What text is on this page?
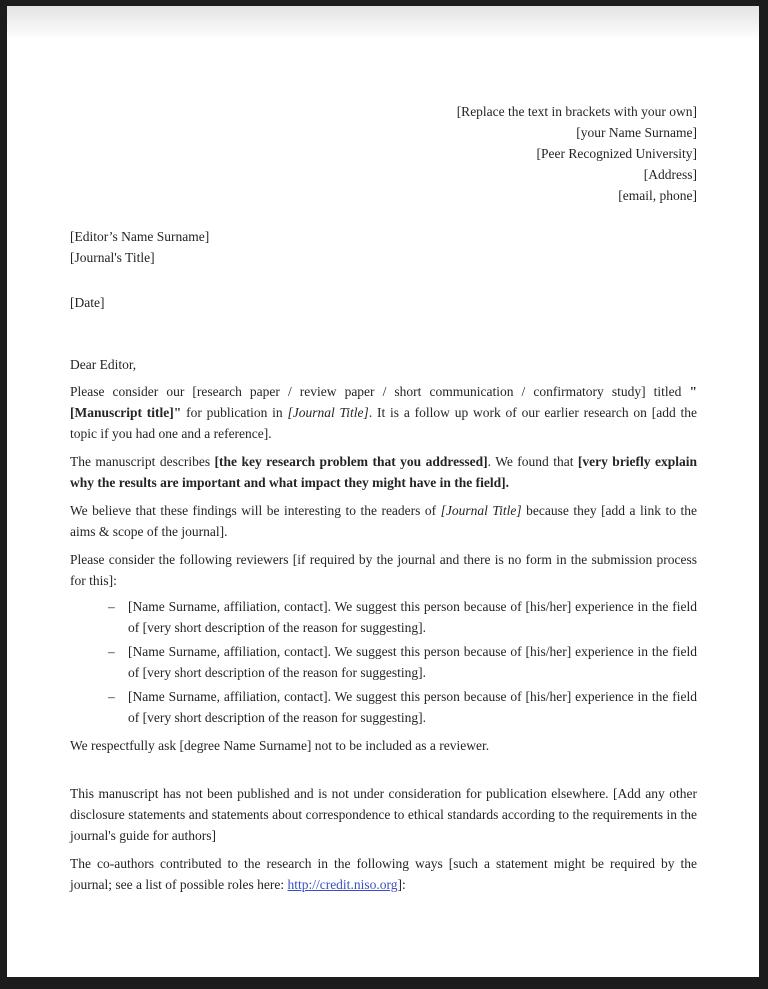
[Replace the text in brackets with your own]
[your Name Surname]
[Peer Recognized University]
[Address]
[email, phone]
[Editor’s Name Surname]
[Journal's Title]
[Date]
Dear Editor,

Please consider our [research paper / review paper / short communication / confirmatory study] titled "[Manuscript title]" for publication in [Journal Title]. It is a follow up work of our earlier research on [add the topic if you had one and a reference].

The manuscript describes [the key research problem that you addressed]. We found that [very briefly explain why the results are important and what impact they might have in the field].

We believe that these findings will be interesting to the readers of [Journal Title] because they [add a link to the aims & scope of the journal].

Please consider the following reviewers [if required by the journal and there is no form in the submission process for this]:

– [Name Surname, affiliation, contact]. We suggest this person because of [his/her] experience in the field of [very short description of the reason for suggesting].
– [Name Surname, affiliation, contact]. We suggest this person because of [his/her] experience in the field of [very short description of the reason for suggesting].
– [Name Surname, affiliation, contact]. We suggest this person because of [his/her] experience in the field of [very short description of the reason for suggesting].

We respectfully ask [degree Name Surname] not to be included as a reviewer.

This manuscript has not been published and is not under consideration for publication elsewhere. [Add any other disclosure statements and statements about correspondence to ethical standards according to the requirements in the journal's guide for authors]

The co-authors contributed to the research in the following ways [such a statement might be required by the journal; see a list of possible roles here: http://credit.niso.org]:
